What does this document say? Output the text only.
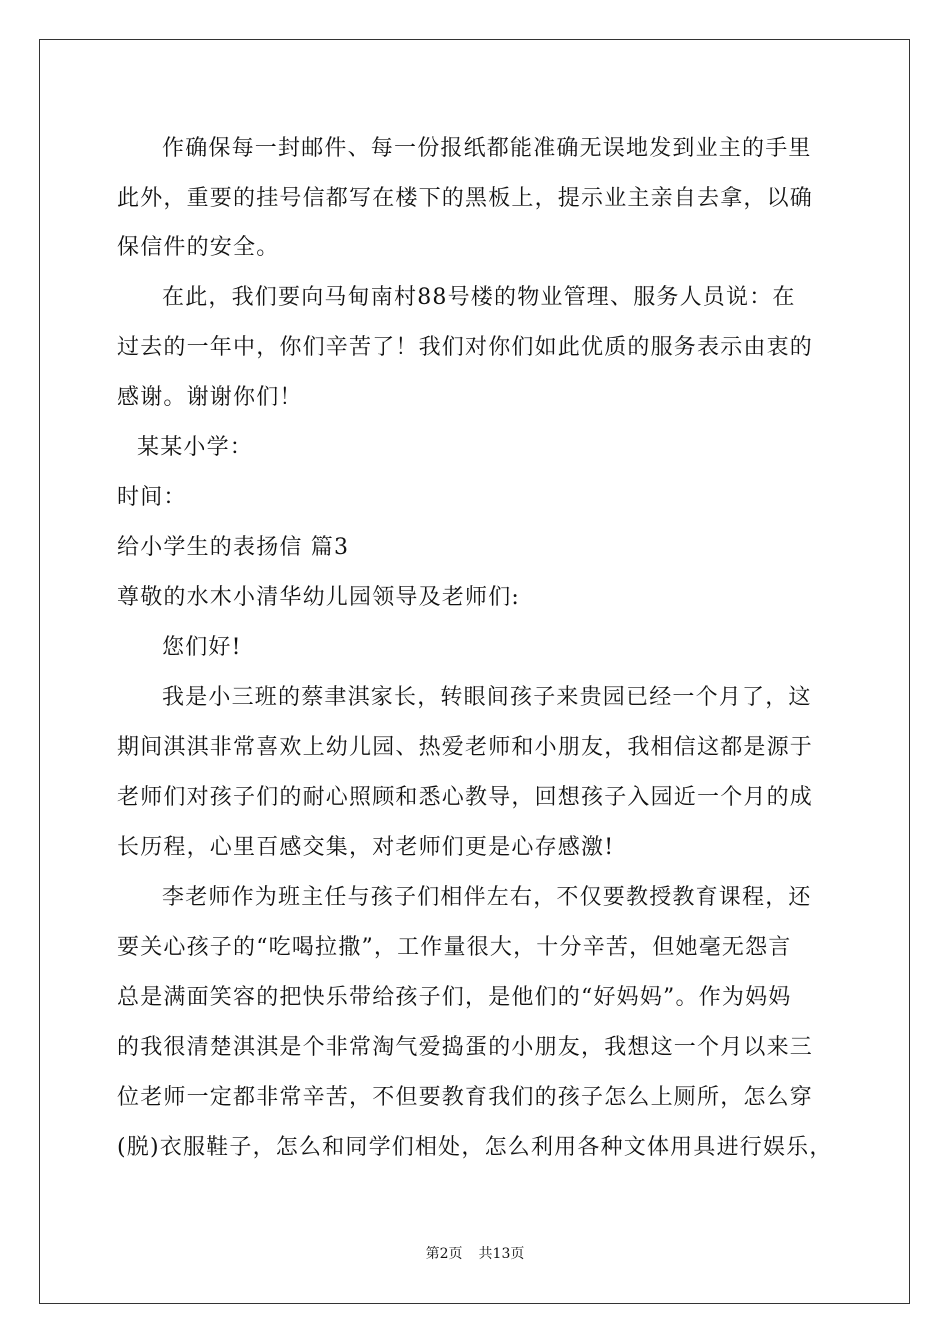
作确保每一封邮件、每一份报纸都能准确无误地发到业主的手里
此外，重要的挂号信都写在楼下的黑板上，提示业主亲自去拿，以确
保信件的安全。
在此，我们要向马甸南村88号楼的物业管理、服务人员说：在
过去的一年中，你们辛苦了！我们对你们如此优质的服务表示由衷的
感谢。谢谢你们！
某某小学：
时间：
给小学生的表扬信 篇3
尊敬的水木小清华幼儿园领导及老师们:
您们好!
我是小三班的蔡聿淇家长，转眼间孩子来贵园已经一个月了，这
期间淇淇非常喜欢上幼儿园、热爱老师和小朋友，我相信这都是源于
老师们对孩子们的耐心照顾和悉心教导，回想孩子入园近一个月的成
长历程，心里百感交集，对老师们更是心存感激!
李老师作为班主任与孩子们相伴左右，不仅要教授教育课程，还
要关心孩子的“吃喝拉撒”，工作量很大，十分辛苦，但她毫无怨言
总是满面笑容的把快乐带给孩子们，是他们的“好妈妈”。作为妈妈
的我很清楚淇淇是个非常淘气爱捣蛋的小朋友，我想这一个月以来三
位老师一定都非常辛苦，不但要教育我们的孩子怎么上厕所，怎么穿
(脱)衣服鞋子，怎么和同学们相处，怎么利用各种文体用具进行娱乐，
第2页 共13页
